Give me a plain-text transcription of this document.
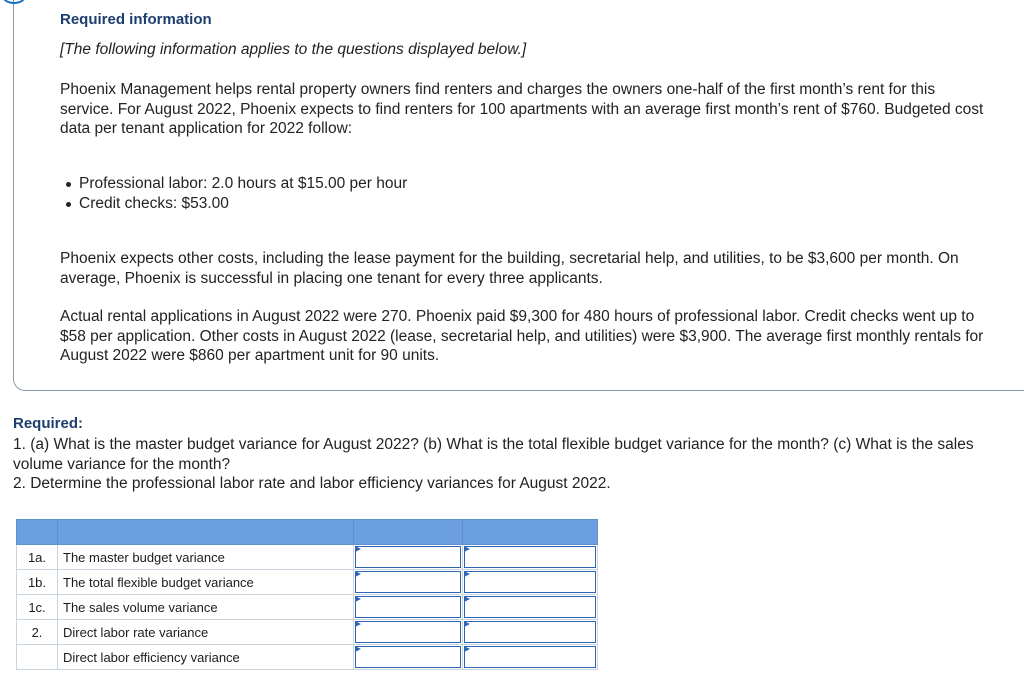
Required information

[The following information applies to the questions displayed below.]

Phoenix Management helps rental property owners find renters and charges the owners one-half of the first month’s rent for this service. For August 2022, Phoenix expects to find renters for 100 apartments with an average first month’s rent of $760. Budgeted cost data per tenant application for 2022 follow:

Professional labor: 2.0 hours at $15.00 per hour
Credit checks: $53.00

Phoenix expects other costs, including the lease payment for the building, secretarial help, and utilities, to be $3,600 per month. On average, Phoenix is successful in placing one tenant for every three applicants.

Actual rental applications in August 2022 were 270. Phoenix paid $9,300 for 480 hours of professional labor. Credit checks went up to $58 per application. Other costs in August 2022 (lease, secretarial help, and utilities) were $3,900. The average first monthly rentals for August 2022 were $860 per apartment unit for 90 units.

Required:

1. (a) What is the master budget variance for August 2022? (b) What is the total flexible budget variance for the month? (c) What is the sales volume variance for the month?

2. Determine the professional labor rate and labor efficiency variances for August 2022.

1a.	The master budget variance	

1b.	The total flexible budget variance	

1c.	The sales volume variance	

2.	Direct labor rate variance	

	Direct labor efficiency variance	
